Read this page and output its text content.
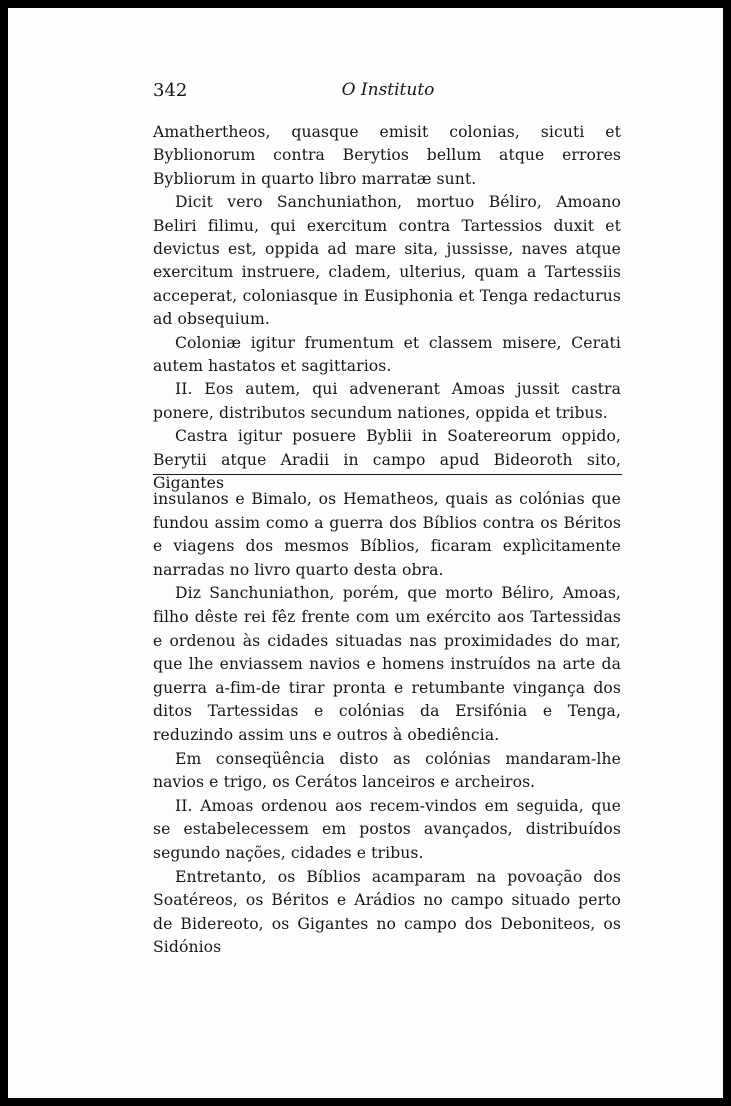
342	O Instituto

Amathertheos, quasque emisit colonias, sicuti et Byblionorum contra Berytios bellum atque errores Bybliorum in quarto libro marratæ sunt.

Dicit vero Sanchuniathon, mortuo Béliro, Amoano Beliri filimu, qui exercitum contra Tartessios duxit et devictus est, oppida ad mare sita, jussisse, naves atque exercitum instruere, cladem, ulterius, quam a Tartessiis acceperat, coloniasque in Eusiphonia et Tenga redacturus ad obsequium.

Coloniæ igitur frumentum et classem misere, Cerati autem hastatos et sagittarios.

II. Eos autem, qui advenerant Amoas jussit castra ponere, distributos secundum nationes, oppida et tribus.

Castra igitur posuere Byblii in Soatereorum oppido, Berytii atque Aradii in campo apud Bideoroth sito, Gigantes

insulanos e Bimalo, os Hematheos, quais as colónias que fundou assim como a guerra dos Bíblios contra os Béritos e viagens dos mesmos Bíblios, ficaram explìcitamente narradas no livro quarto desta obra.

Diz Sanchuniathon, porém, que morto Béliro, Amoas, filho dêste rei fêz frente com um exército aos Tartessidas e ordenou às cidades situadas nas proximidades do mar, que lhe enviassem navios e homens instruídos na arte da guerra a-fim-de tirar pronta e retumbante vingança dos ditos Tartessidas e colónias da Ersifónia e Tenga, reduzindo assim uns e outros à obediência.

Em conseqüência disto as colónias mandaram-lhe navios e trigo, os Cerátos lanceiros e archeiros.

II. Amoas ordenou aos recem-vindos em seguida, que se estabelecessem em postos avançados, distribuídos segundo nações, cidades e tribus.

Entretanto, os Bíblios acamparam na povoação dos Soatéreos, os Béritos e Arádios no campo situado perto de Bidereoto, os Gigantes no campo dos Deboniteos, os Sidónios
